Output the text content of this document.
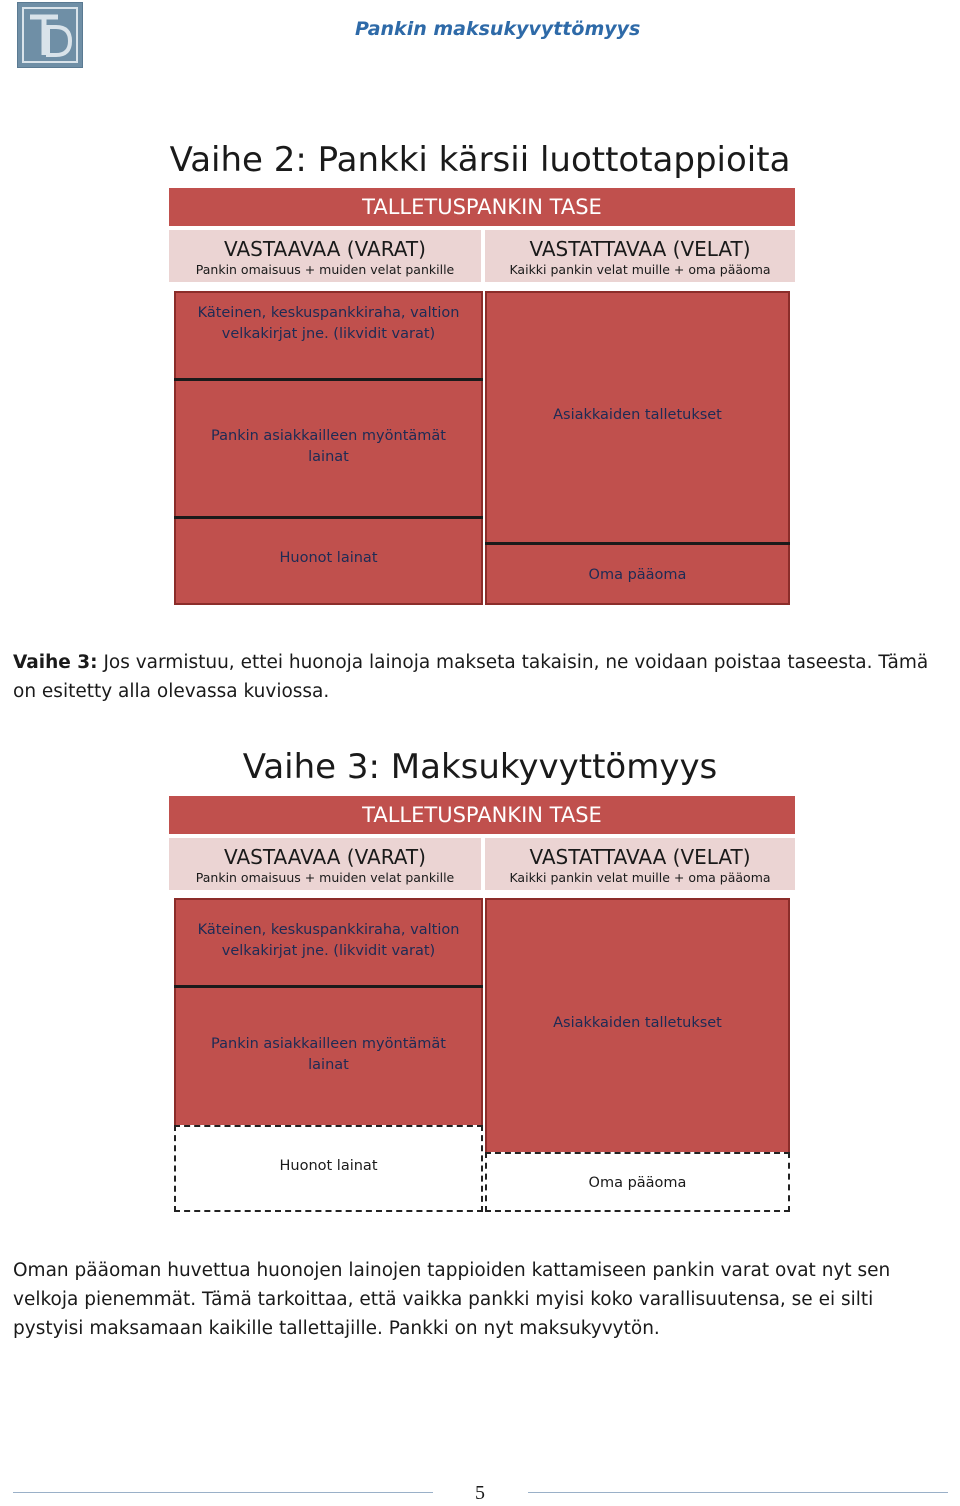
Pankin maksukyvyttömyys
Vaihe 2: Pankki kärsii luottotappioita
TALLETUSPANKIN TASE
VASTAAVAA (VARAT)
Pankin omaisuus + muiden velat pankille
VASTATTAVAA (VELAT)
Kaikki pankin velat muille + oma pääoma
Käteinen, keskuspankkiraha, valtion velkakirjat jne. (likvidit varat)
Pankin asiakkailleen myöntämät lainat
Huonot lainat
Asiakkaiden talletukset
Oma pääoma
Vaihe 3: Jos varmistuu, ettei huonoja lainoja makseta takaisin, ne voidaan poistaa taseesta. Tämä on esitetty alla olevassa kuviossa.
Vaihe 3: Maksukyvyttömyys
TALLETUSPANKIN TASE
VASTAAVAA (VARAT)
Pankin omaisuus + muiden velat pankille
VASTATTAVAA (VELAT)
Kaikki pankin velat muille + oma pääoma
Käteinen, keskuspankkiraha, valtion velkakirjat jne. (likvidit varat)
Pankin asiakkailleen myöntämät lainat
Huonot lainat
Asiakkaiden talletukset
Oma pääoma
Oman pääoman huvettua huonojen lainojen tappioiden kattamiseen pankin varat ovat nyt sen velkoja pienemmät. Tämä tarkoittaa, että vaikka pankki myisi koko varallisuutensa, se ei silti pystyisi maksamaan kaikille tallettajille. Pankki on nyt maksukyvytön.
5
